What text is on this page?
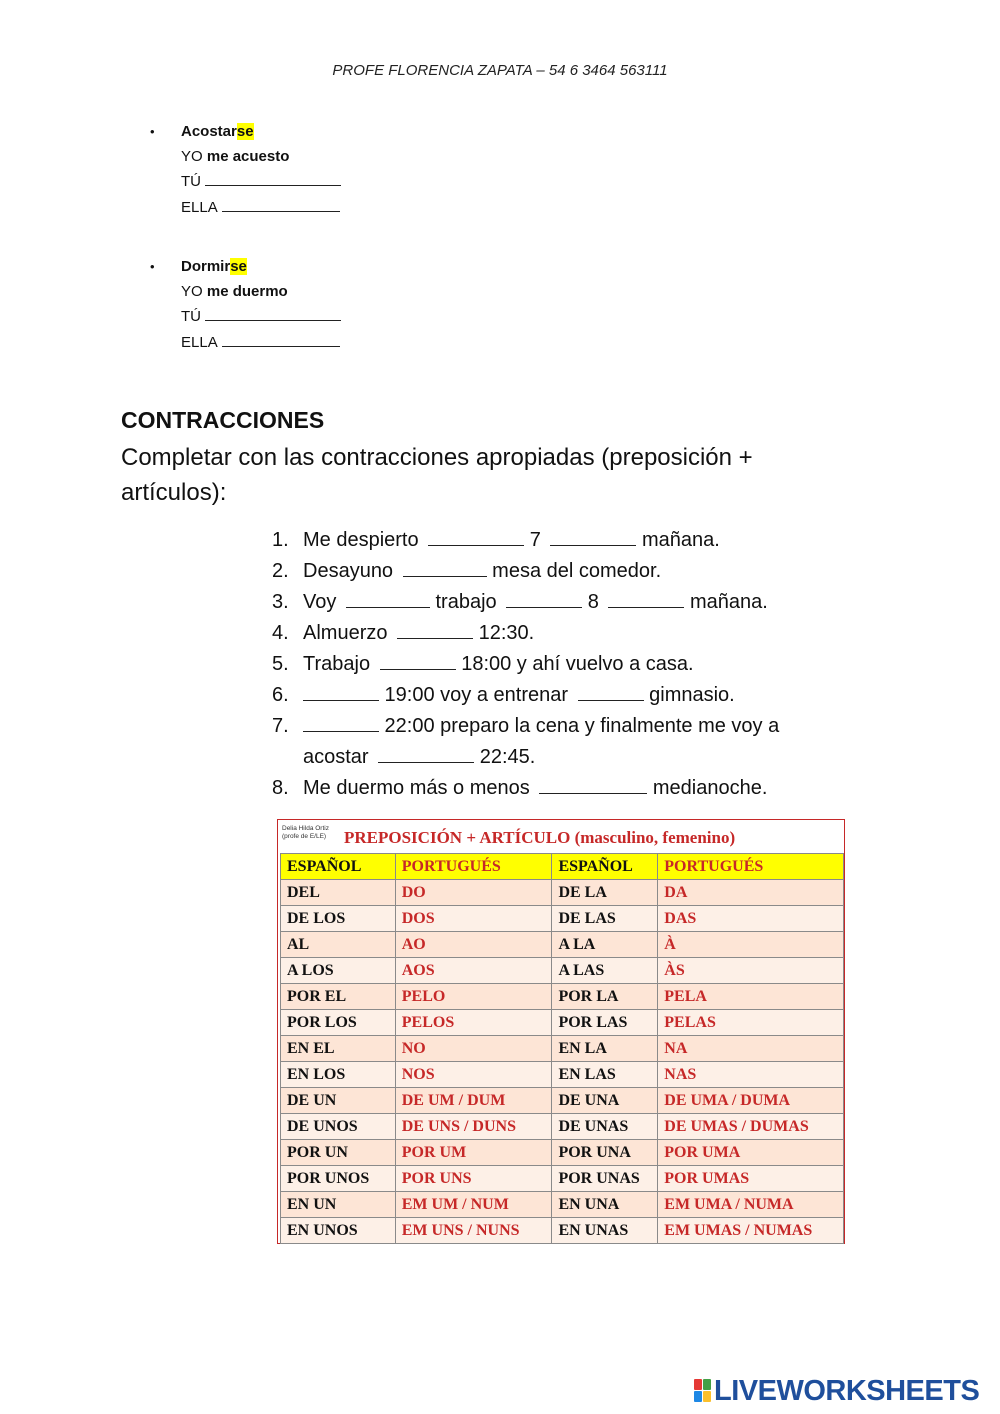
PROFE FLORENCIA ZAPATA – 54 6 3464 563111
• Acostarse
YO me acuesto
TÚ
ELLA
• Dormirse
YO me duermo
TÚ
ELLA
CONTRACCIONES
Completar con las contracciones apropiadas (preposición + artículos):
1. Me despierto	7	mañana.
2. Desayuno	mesa del comedor.
3. Voy	trabajo	8	mañana.
4. Almuerzo	12:30.
5. Trabajo	18:00 y ahí vuelvo a casa.
6.	19:00 voy a entrenar	gimnasio.
7.	22:00 preparo la cena y finalmente me voy a acostar	22:45.
8. Me duermo más o menos	medianoche.
Delia Hilda Ortiz
(profe de E/LE) PREPOSICIÓN + ARTÍCULO (masculino, femenino)
ESPAÑOL	PORTUGUÉS	ESPAÑOL	PORTUGUÉS
DEL	DO	DE LA	DA
DE LOS	DOS	DE LAS	DAS
AL	AO	A LA	À
A LOS	AOS	A LAS	ÀS
POR EL	PELO	POR LA	PELA
POR LOS	PELOS	POR LAS	PELAS
EN EL	NO	EN LA	NA
EN LOS	NOS	EN LAS	NAS
DE UN	DE UM / DUM	DE UNA	DE UMA / DUMA
DE UNOS	DE UNS / DUNS	DE UNAS	DE UMAS / DUMAS
POR UN	POR UM	POR UNA	POR UMA
POR UNOS	POR UNS	POR UNAS	POR UMAS
EN UN	EM UM / NUM	EN UNA	EM UMA / NUMA
EN UNOS	EM UNS / NUNS	EN UNAS	EM UMAS / NUMAS
LIVEWORKSHEETS
